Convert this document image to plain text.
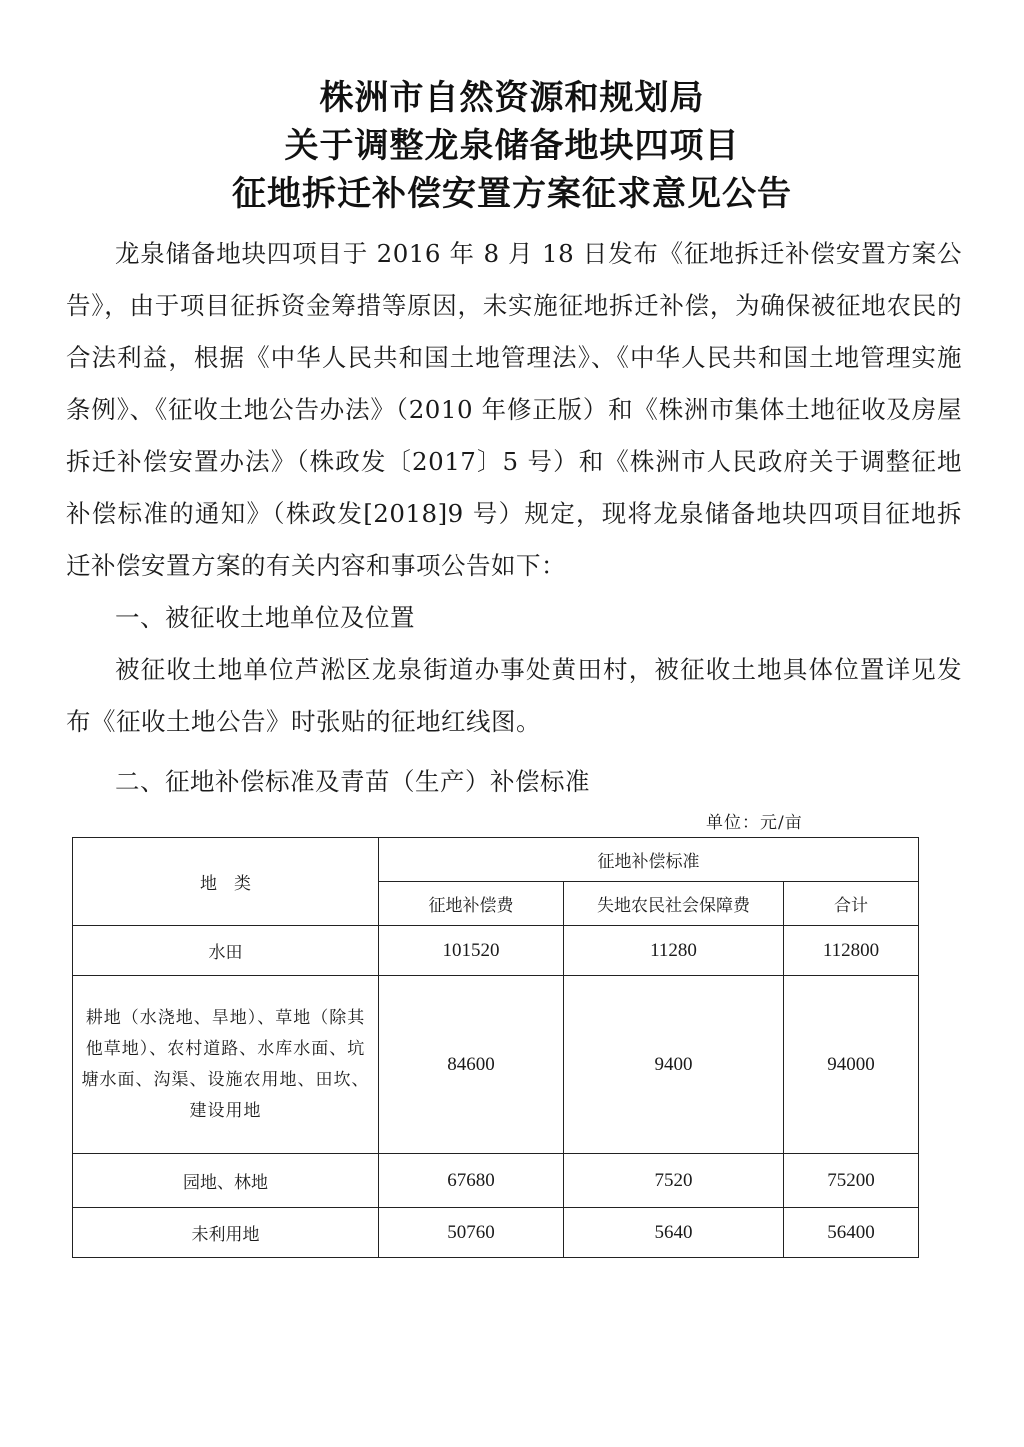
株洲市自然资源和规划局
关于调整龙泉储备地块四项目
征地拆迁补偿安置方案征求意见公告

龙泉储备地块四项目于 2016 年 8 月 18 日发布《征地拆迁补偿安置方案公告》，由于项目征拆资金筹措等原因，未实施征地拆迁补偿，为确保被征地农民的合法利益，根据《中华人民共和国土地管理法》、《中华人民共和国土地管理实施条例》、《征收土地公告办法》（2010 年修正版）和《株洲市集体土地征收及房屋拆迁补偿安置办法》（株政发〔2017〕5 号）和《株洲市人民政府关于调整征地补偿标准的通知》（株政发[2018]9 号）规定，现将龙泉储备地块四项目征地拆迁补偿安置方案的有关内容和事项公告如下：

一、被征收土地单位及位置

被征收土地单位芦淞区龙泉街道办事处黄田村，被征收土地具体位置详见发布《征收土地公告》时张贴的征地红线图。

二、征地补偿标准及青苗（生产）补偿标准

单位：元/亩
地　类	征地补偿标准		
	征地补偿费	失地农民社会保障费	合计
水田	101520	11280	112800
耕地（水浇地、旱地）、草地（除其他草地）、农村道路、水库水面、坑塘水面、沟渠、设施农用地、田坎、建设用地	84600	9400	94000
园地、林地	67680	7520	75200
未利用地	50760	5640	56400
